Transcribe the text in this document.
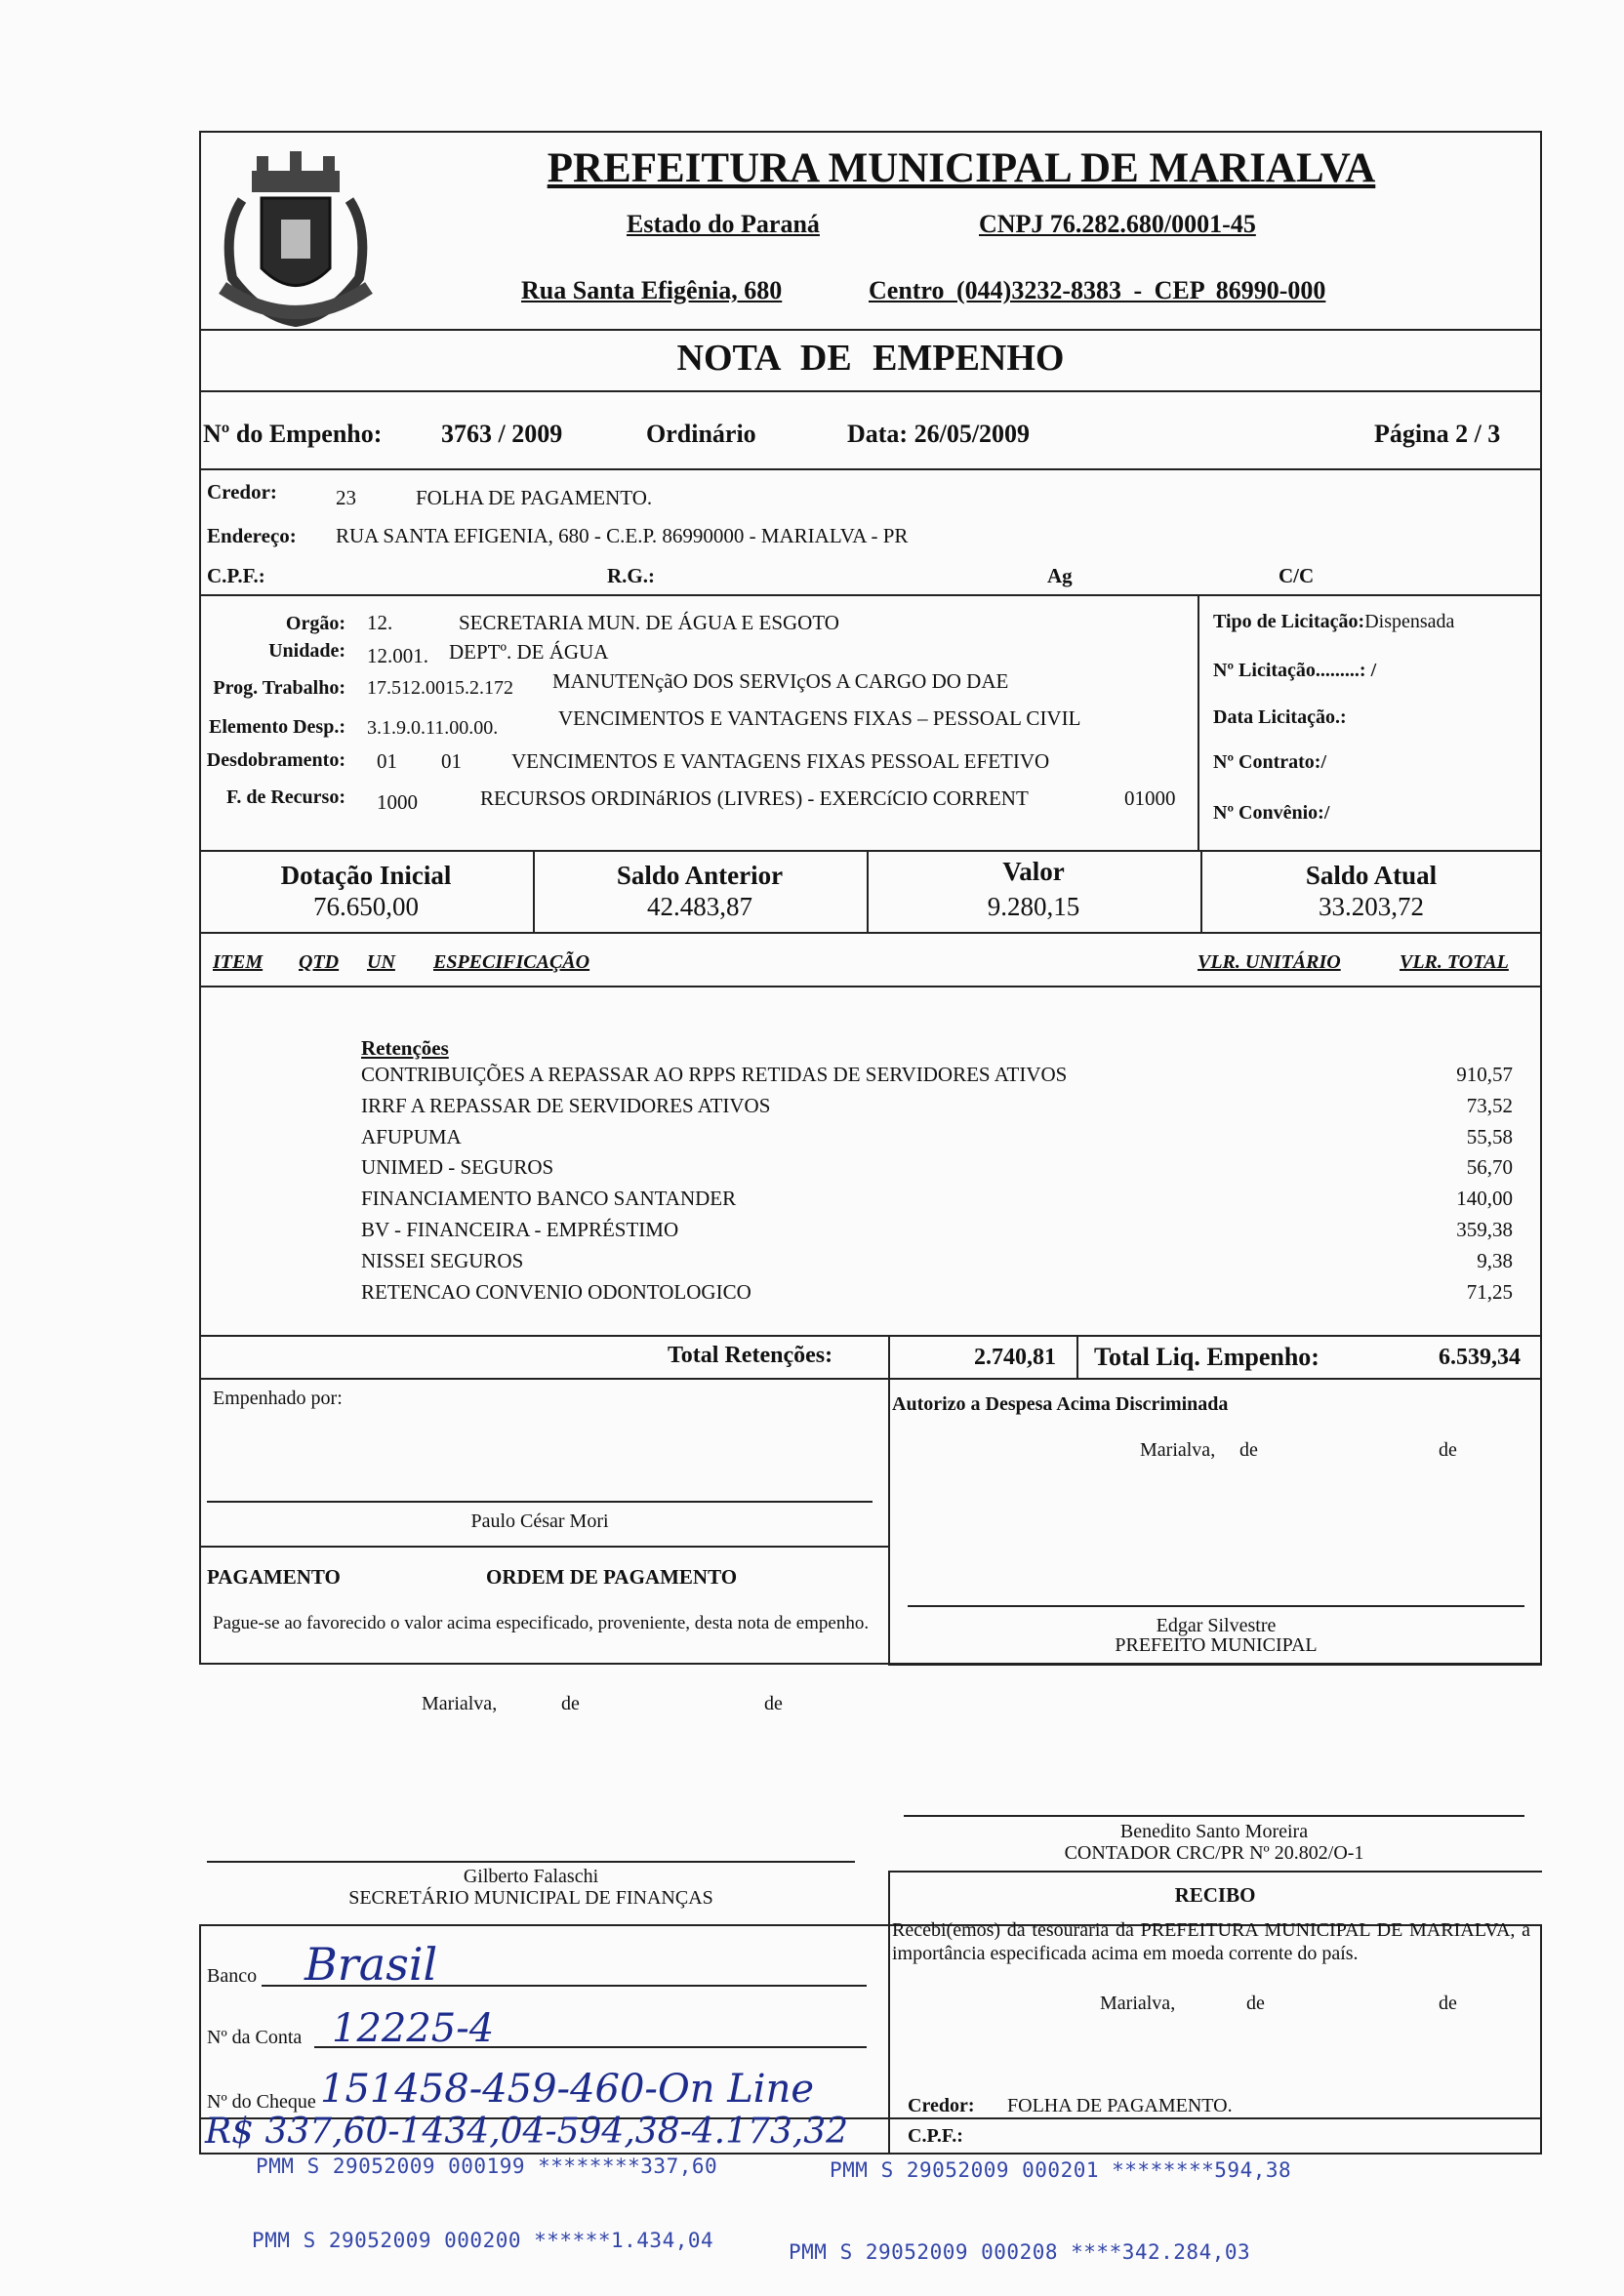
PREFEITURA MUNICIPAL DE MARIALVA
Estado do Paraná	CNPJ 76.282.680/0001-45
Rua Santa Efigênia, 680	Centro (044)3232-8383 - CEP 86990-000
NOTA DE EMPENHO
Nº do Empenho: 3763 / 2009	Ordinário	Data: 26/05/2009	Página 2 / 3
Credor:	23	FOLHA DE PAGAMENTO.
Endereço: RUA SANTA EFIGENIA, 680 - C.E.P. 86990000 - MARIALVA - PR
C.P.F.:	R.G.:	Ag	C/C
Orgão: 12.	SECRETARIA MUN. DE ÁGUA E ESGOTO
Unidade: 12.001. DEPTº. DE ÁGUA
Prog. Trabalho: 17.512.0015.2.172 MANUTENçãO DOS SERVIçOS A CARGO DO DAE
Elemento Desp.: 3.1.9.0.11.00.00.	VENCIMENTOS E VANTAGENS FIXAS – PESSOAL CIVIL
Desdobramento: 01 01 VENCIMENTOS E VANTAGENS FIXAS PESSOAL EFETIVO
F. de Recurso: 1000	RECURSOS ORDINáRIOS (LIVRES) - EXERCíCIO CORRENT	01000
Tipo de Licitação:Dispensada
Nº Licitação.........: /
Data Licitação.:
Nº Contrato:/
Nº Convênio:/
Dotação Inicial
76.650,00
Saldo Anterior
42.483,87
Valor
9.280,15
Saldo Atual
33.203,72
ITEM QTD UN ESPECIFICAÇÃO	VLR. UNITÁRIO	VLR. TOTAL
Retenções
CONTRIBUIÇÕES A REPASSAR AO RPPS RETIDAS DE SERVIDORES ATIVOS	910,57
IRRF A REPASSAR DE SERVIDORES ATIVOS	73,52
AFUPUMA	55,58
UNIMED - SEGUROS	56,70
FINANCIAMENTO BANCO SANTANDER	140,00
BV - FINANCEIRA - EMPRÉSTIMO	359,38
NISSEI SEGUROS	9,38
RETENCAO CONVENIO ODONTOLOGICO	71,25
Total Retenções:	2.740,81 Total Liq. Empenho:	6.539,34
Empenhado por:
Paulo César Mori
Autorizo a Despesa Acima Discriminada
Marialva, de	de
PAGAMENTO	ORDEM DE PAGAMENTO
Pague-se ao favorecido o valor acima especificado, proveniente, desta nota de empenho.
Marialva,	de	de
Edgar Silvestre
PREFEITO MUNICIPAL
Benedito Santo Moreira
CONTADOR CRC/PR Nº 20.802/O-1
Gilberto Falaschi
SECRETÁRIO MUNICIPAL DE FINANÇAS	RECIBO
Recebi(emos) da tesouraria da PREFEITURA MUNICIPAL DE MARIALVA, a importância especificada acima em moeda corrente do país.
Marialva,	de	de
Banco Brasil
Nº da Conta 12225-4
Nº do Cheque 151458-459-460-On Line
R$ 337,60-1434,04-594,38-4.173,32
Credor: FOLHA DE PAGAMENTO.
C.P.F.:
PMM S 29052009 000199 ********337,60	PMM S 29052009 000201 ********594,38
PMM S 29052009 000200 ******1.434,04	PMM S 29052009 000208 ****342.284,03
